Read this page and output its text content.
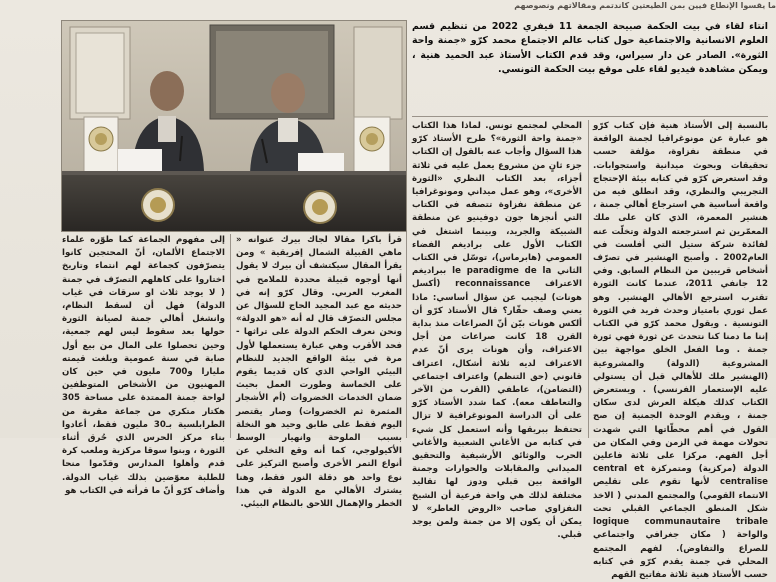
ما يقسوا الإنطاع فيين بمن الطيعتين كاندتمم ومقالاتهم ونصوصهم
انتاء لقاء في بيت الحكمة صبيحة الجمعة 11 فيفري 2022 من تنظيم قسم العلوم الانسانية والاجتماعية حول كتاب عالم الاجتماع محمد كرّو «جمنة واحة الثورة». الصادر عن دار سيراس، وقد قدم الكتاب الأستاذ عبد الحميد هنية ، ويمكن مشاهدة فيديو لقاء على موقع بيت الحكمة التونسي.
بالنسبة إلى الأستاذ هنية فإن كتاب كرّو هو عبارة عن مونوغرافيا لجمنة الواقعة في منطقة نفزاوة، مؤلفة حسب تحقيقات وبحوث ميدانية واستجوابات. وقد استعرض كرّو في كتابه بيئة الإحتجاج التجريبي والنظري، وقد انطلق فيه من واقعة أساسية هي استرجاع أهالي جمنة ، هنشير المعمرة، الذي كان على ملك المعمّرين ثم استرجعته الدولة وتخلّت عنه لفائدة شركة ستيل التي أفلست في العام2002 . وأصبح الهنشير في تصرّف أشخاص قريبين من النظام السابق. وفي 12 جانفي 2011، عندما كانت الثورة تقترب استرجع الأهالي الهنشير. وهو عمل ثوري بامتياز وحدث فريد في الثورة التونسية . ويقول محمد كرّو في الكتاب إننا ما دمنا كنا نتحدث عن ثورة فهي ثورة جمنة . وما الفعل الخلق مواجهة بين المشروعية (الدولة) والمشروعية (الهنشير ملك للأهالي قبل أن يستولي عليه الإستعمار الفرنسي) . ويستعرض الكتاب كذلك هيكلة العرش لدى سكان جمنة ، ويقدم الوحدة الجمنية إن صح القول في أهم محطّاتها التي شهدت تحولات مهمة في الزمن وفي المكان من أجل الفهم. مركزا على ثلاثة فاعلين الدولة (مركزية) ومتمركزة central et centralise لأنها تقوم على تقليص الانتماء القومي) والمجتمع المدني ( الاخذ شكل المنطق الجماعي القبلي تحت logique communautaire tribale والواحة ( مكان جغرافي واجتماعي للصراع والتفاوض). لفهم المجتمع المحلي في جمنة يقدم كرّو في كتابه حسب الأستاذ هنية ثلاثة مفاتيح القهم
المحلي لمجتمع تونس. لماذا هذا الكتاب «جمنة واحة الثورة»؟ طرح الأستاذ كرّو هذا السؤال وأجاب عنه بالقول إن الكتاب جزء ثانٍ من مشروع يعمل عليه في ثلاثة أجزاء، بعد الكتاب النظري «الثورة الأخرى»، وهو عمل ميداني ومونوغرافيا عن منطقة نفزاوة تتصفه في الكتاب التي أنجزها جون دوفينيو عن منطقة الشبيكة والجريد، وبينما اشتغل في الكتاب الأول على براديغم الفضاء العمومي (هابرماس)، توسّل في الكتاب الثاني le paradigme de la ببراديغم الاعتراف reconnaissance (أكسل هونات) ليجيب عن سؤال أساسي: ماذا يعني وصف حقّار؟ قال الأستاذ كرّو أن ألكس هونات بيّن أنّ الصراعات منذ بداية القرن 18 كانت صراعات من أجل الاعتراف، وأن هونات يرى أنّ عدم الاعتراف لديه ثلاثة أشكال، اعتراف قانوني (حق التنظم) واعتراف اجتماعي (التضامن)، عاطفي (القرب من الآخر والتعاطف معه). كما شدد الأستاذ كرّو على أن الدراسة المونوغرافية لا تزال تحتفظ ببريقها وأنه استعمل كل شيء في كتابه من الأغاني الشعبية والأغاني الحرب والوثائق الأرشيفية والتحقيق الميداني والمقابلات والحوارات وجمنة الواقعة بين قبلي ودوز لها تقاليد مختلفة لذلك هي واحة فرعية أن الشيخ النفزاوي صاحب «الروض العاطر» لا يمكن أن يكون إلا من جمنة ولمن يوجد قبلي.
قرأ باكرا مقالا لجاك بيرك عنوانه « ماهي القبيلة الشمال إفريقية » ومن يقرأ المقال سيكتشف أن بيرك لا يقول أنها أوجوه قبيلة محددة للملامح في المغرب العربي. وقال كرّو إنه في حديثه مع عبد المجيد الحاج للسؤال عن مجلس التصرّف قال له أنه «هو الدولة» ونحن نعرف الحكم الدولة على تراثها - فحد الأقرب وهي عبارة يستعملها لأول مرة في بيئة الواقع الجديد للنظام البيئي الواحي الذي كان قديما يقوم على الخماسة وطورت العمل بحيث ضمان الخدمات الخضروات (أم الأشجار المثمرة ثم الخضروات) وصار يقتصر اليوم فقط على طابق وحيد هو النخلة بسبب الملوحة وانهيار الوسط الأكيولوجي، كما أنه وقع التخلي عن أنواع التمر الأخرى وأصبح التركيز على نوع واحد هو دقلة النور فقط، وهنا يشترك الأهالي مع الدولة في هذا الخطر والإهمال اللاحق بالنظام البيئي.
إلى مفهوم الجماعة كما طوّره علماء الاجتماع الألمان، أنّ المحتجين كانوا يتصرّفون كجماعة لهم انتماء وتاريخ اختاروا على كاهلهم التصرّف في جمنة ( لا يوجد ثلاث او سرقات في غياب الدولة) فهل أن لسقط النظام، وانشغل أهالي جمنة لصيانة الثورة حولها بعد سقوط ليس لهم جمعية، وحين تحصلوا على المال من بيع أول صابة في سنة عمومية وبلغت قيمته مليارا و700 مليون في حين كان المهنيون من الأشخاص المتوظفين لواحة جمنة الممتدة على مساحة 305 هكتار متكري من جماعة مقربة من الطرابلسية بـ30 مليون فقط، أعادوا بناء مركز الحرس الذي حُرق أثناء الثورة ، وبنوا سوقا مركزية وملعب كرة قدم وأهلوا المدارس وقدّموا منحا للطلبة معوّضين بذلك غياب الدولة. وأضاف كرّو أنّ ما قرأته في الكتاب هو
